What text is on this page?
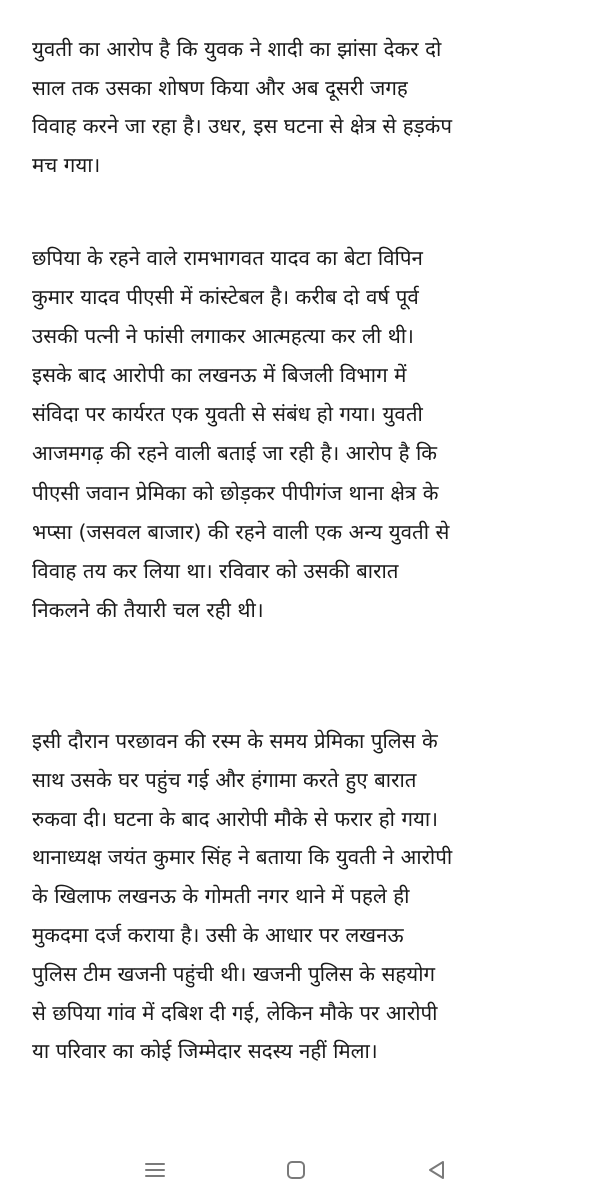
युवती का आरोप है कि युवक ने शादी का झांसा देकर दो
साल तक उसका शोषण किया और अब दूसरी जगह
विवाह करने जा रहा है। उधर, इस घटना से क्षेत्र से हड़कंप
मच गया।
छपिया के रहने वाले रामभागवत यादव का बेटा विपिन
कुमार यादव पीएसी में कांस्टेबल है। करीब दो वर्ष पूर्व
उसकी पत्नी ने फांसी लगाकर आत्महत्या कर ली थी।
इसके बाद आरोपी का लखनऊ में बिजली विभाग में
संविदा पर कार्यरत एक युवती से संबंध हो गया। युवती
आजमगढ़ की रहने वाली बताई जा रही है। आरोप है कि
पीएसी जवान प्रेमिका को छोड़कर पीपीगंज थाना क्षेत्र के
भप्सा (जसवल बाजार) की रहने वाली एक अन्य युवती से
विवाह तय कर लिया था। रविवार को उसकी बारात
निकलने की तैयारी चल रही थी।
इसी दौरान परछावन की रस्म के समय प्रेमिका पुलिस के
साथ उसके घर पहुंच गई और हंगामा करते हुए बारात
रुकवा दी। घटना के बाद आरोपी मौके से फरार हो गया।
थानाध्यक्ष जयंत कुमार सिंह ने बताया कि युवती ने आरोपी
के खिलाफ लखनऊ के गोमती नगर थाने में पहले ही
मुकदमा दर्ज कराया है। उसी के आधार पर लखनऊ
पुलिस टीम खजनी पहुंची थी। खजनी पुलिस के सहयोग
से छपिया गांव में दबिश दी गई, लेकिन मौके पर आरोपी
या परिवार का कोई जिम्मेदार सदस्य नहीं मिला।
